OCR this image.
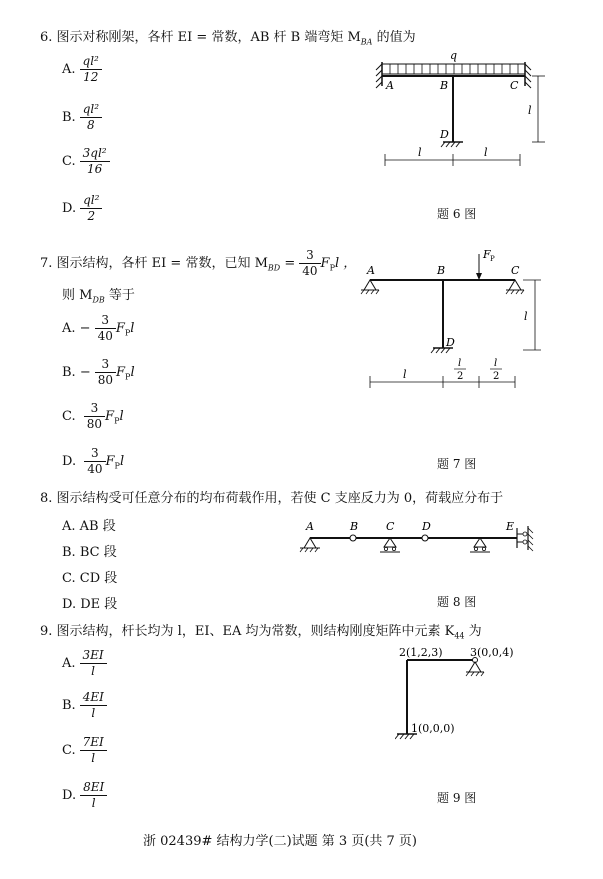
6. 图示对称刚架，各杆 EI = 常数，AB 杆 B 端弯矩 $M_{BA}$ 的值为
A. $\frac{\text{ql²}}{12}$
B. $\frac{\text{ql²}}{8}$
C. $\frac{\text{3ql²}}{16}$
D. $\frac{\text{ql²}}{2}$
q
A	B	C
D
l
l	l
题 6 图
7. 图示结构，各杆 EI = 常数，已知 $M_{BD} = \frac{3}{40} F_Pl$ ，
则 $M_{DB}$ 等于
A. − $\frac{3}{40} F_Pl$
B. − $\frac{3}{80} F_Pl$
C. $\frac{3}{80} F_Pl$
D. $\frac{3}{40} F_Pl$
F P
A	B	C
D
l
l
l
2
l
2
题 7 图
8. 图示结构受可任意分布的均布荷载作用，若使 C 支座反力为 0，荷载应分布于
A. AB 段
B. BC 段
C. CD 段
D. DE 段
A	B	C	D	E
题 8 图
9. 图示结构，杆长均为 l，EI、EA 均为常数，则结构刚度矩阵中元素 $K_{44}$ 为
A. $\frac{3EI}{l}$
B. $\frac{4EI}{l}$
C. $\frac{7EI}{l}$
D. $\frac{8EI}{l}$
2(1,2,3) 3(0,0,4)
1(0,0,0)
题 9 图
浙 02439# 结构力学(二)试题 第 3 页(共 7 页)
